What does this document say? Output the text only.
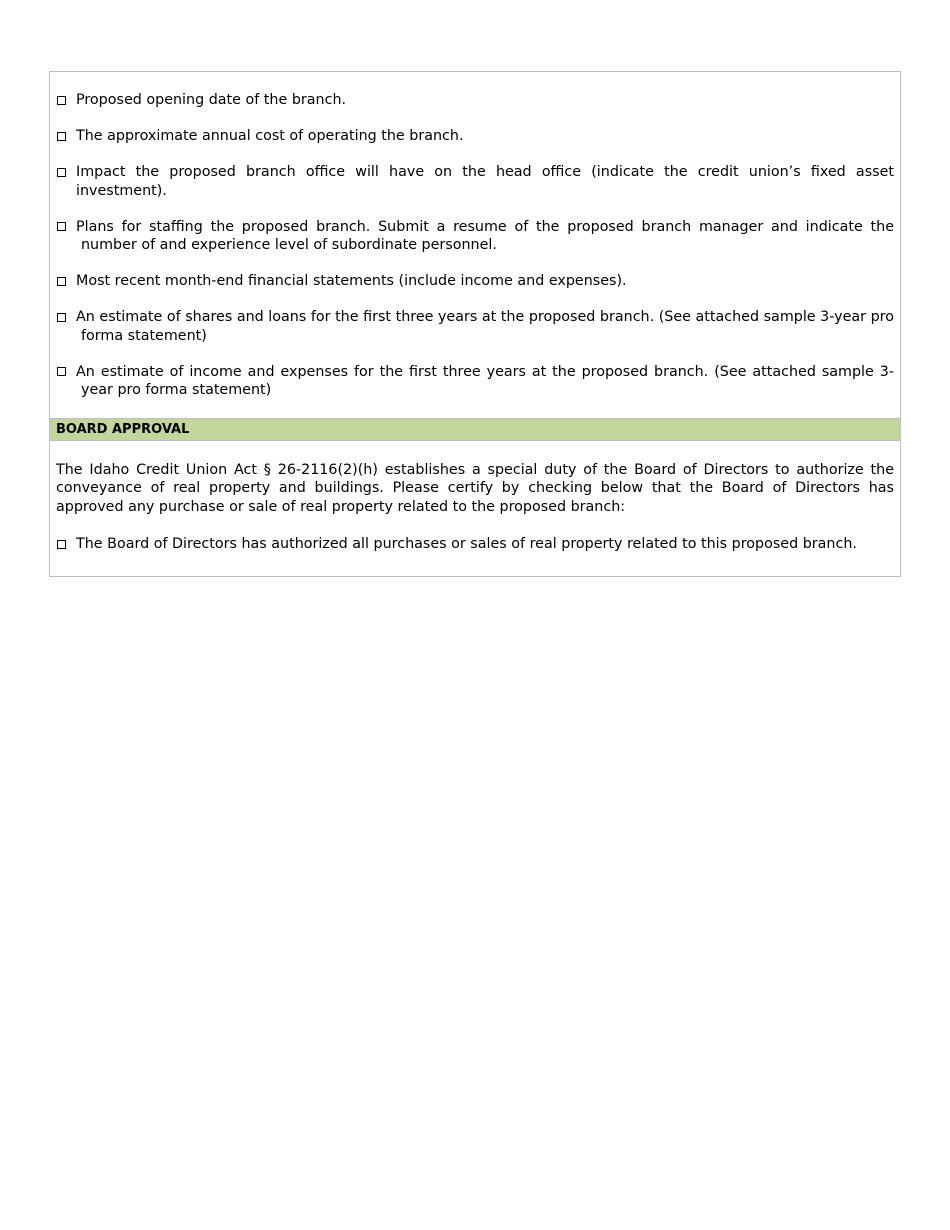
Proposed opening date of the branch.
The approximate annual cost of operating the branch.
Impact the proposed branch office will have on the head office (indicate the credit union’s fixed asset investment).
Plans for staffing the proposed branch. Submit a resume of the proposed branch manager and indicate the number of and experience level of subordinate personnel.
Most recent month-end financial statements (include income and expenses).
An estimate of shares and loans for the first three years at the proposed branch. (See attached sample 3-year pro forma statement)
An estimate of income and expenses for the first three years at the proposed branch. (See attached sample 3-year pro forma statement)
BOARD APPROVAL

The Idaho Credit Union Act § 26-2116(2)(h) establishes a special duty of the Board of Directors to authorize the conveyance of real property and buildings. Please certify by checking below that the Board of Directors has approved any purchase or sale of real property related to the proposed branch:

The Board of Directors has authorized all purchases or sales of real property related to this proposed branch.
